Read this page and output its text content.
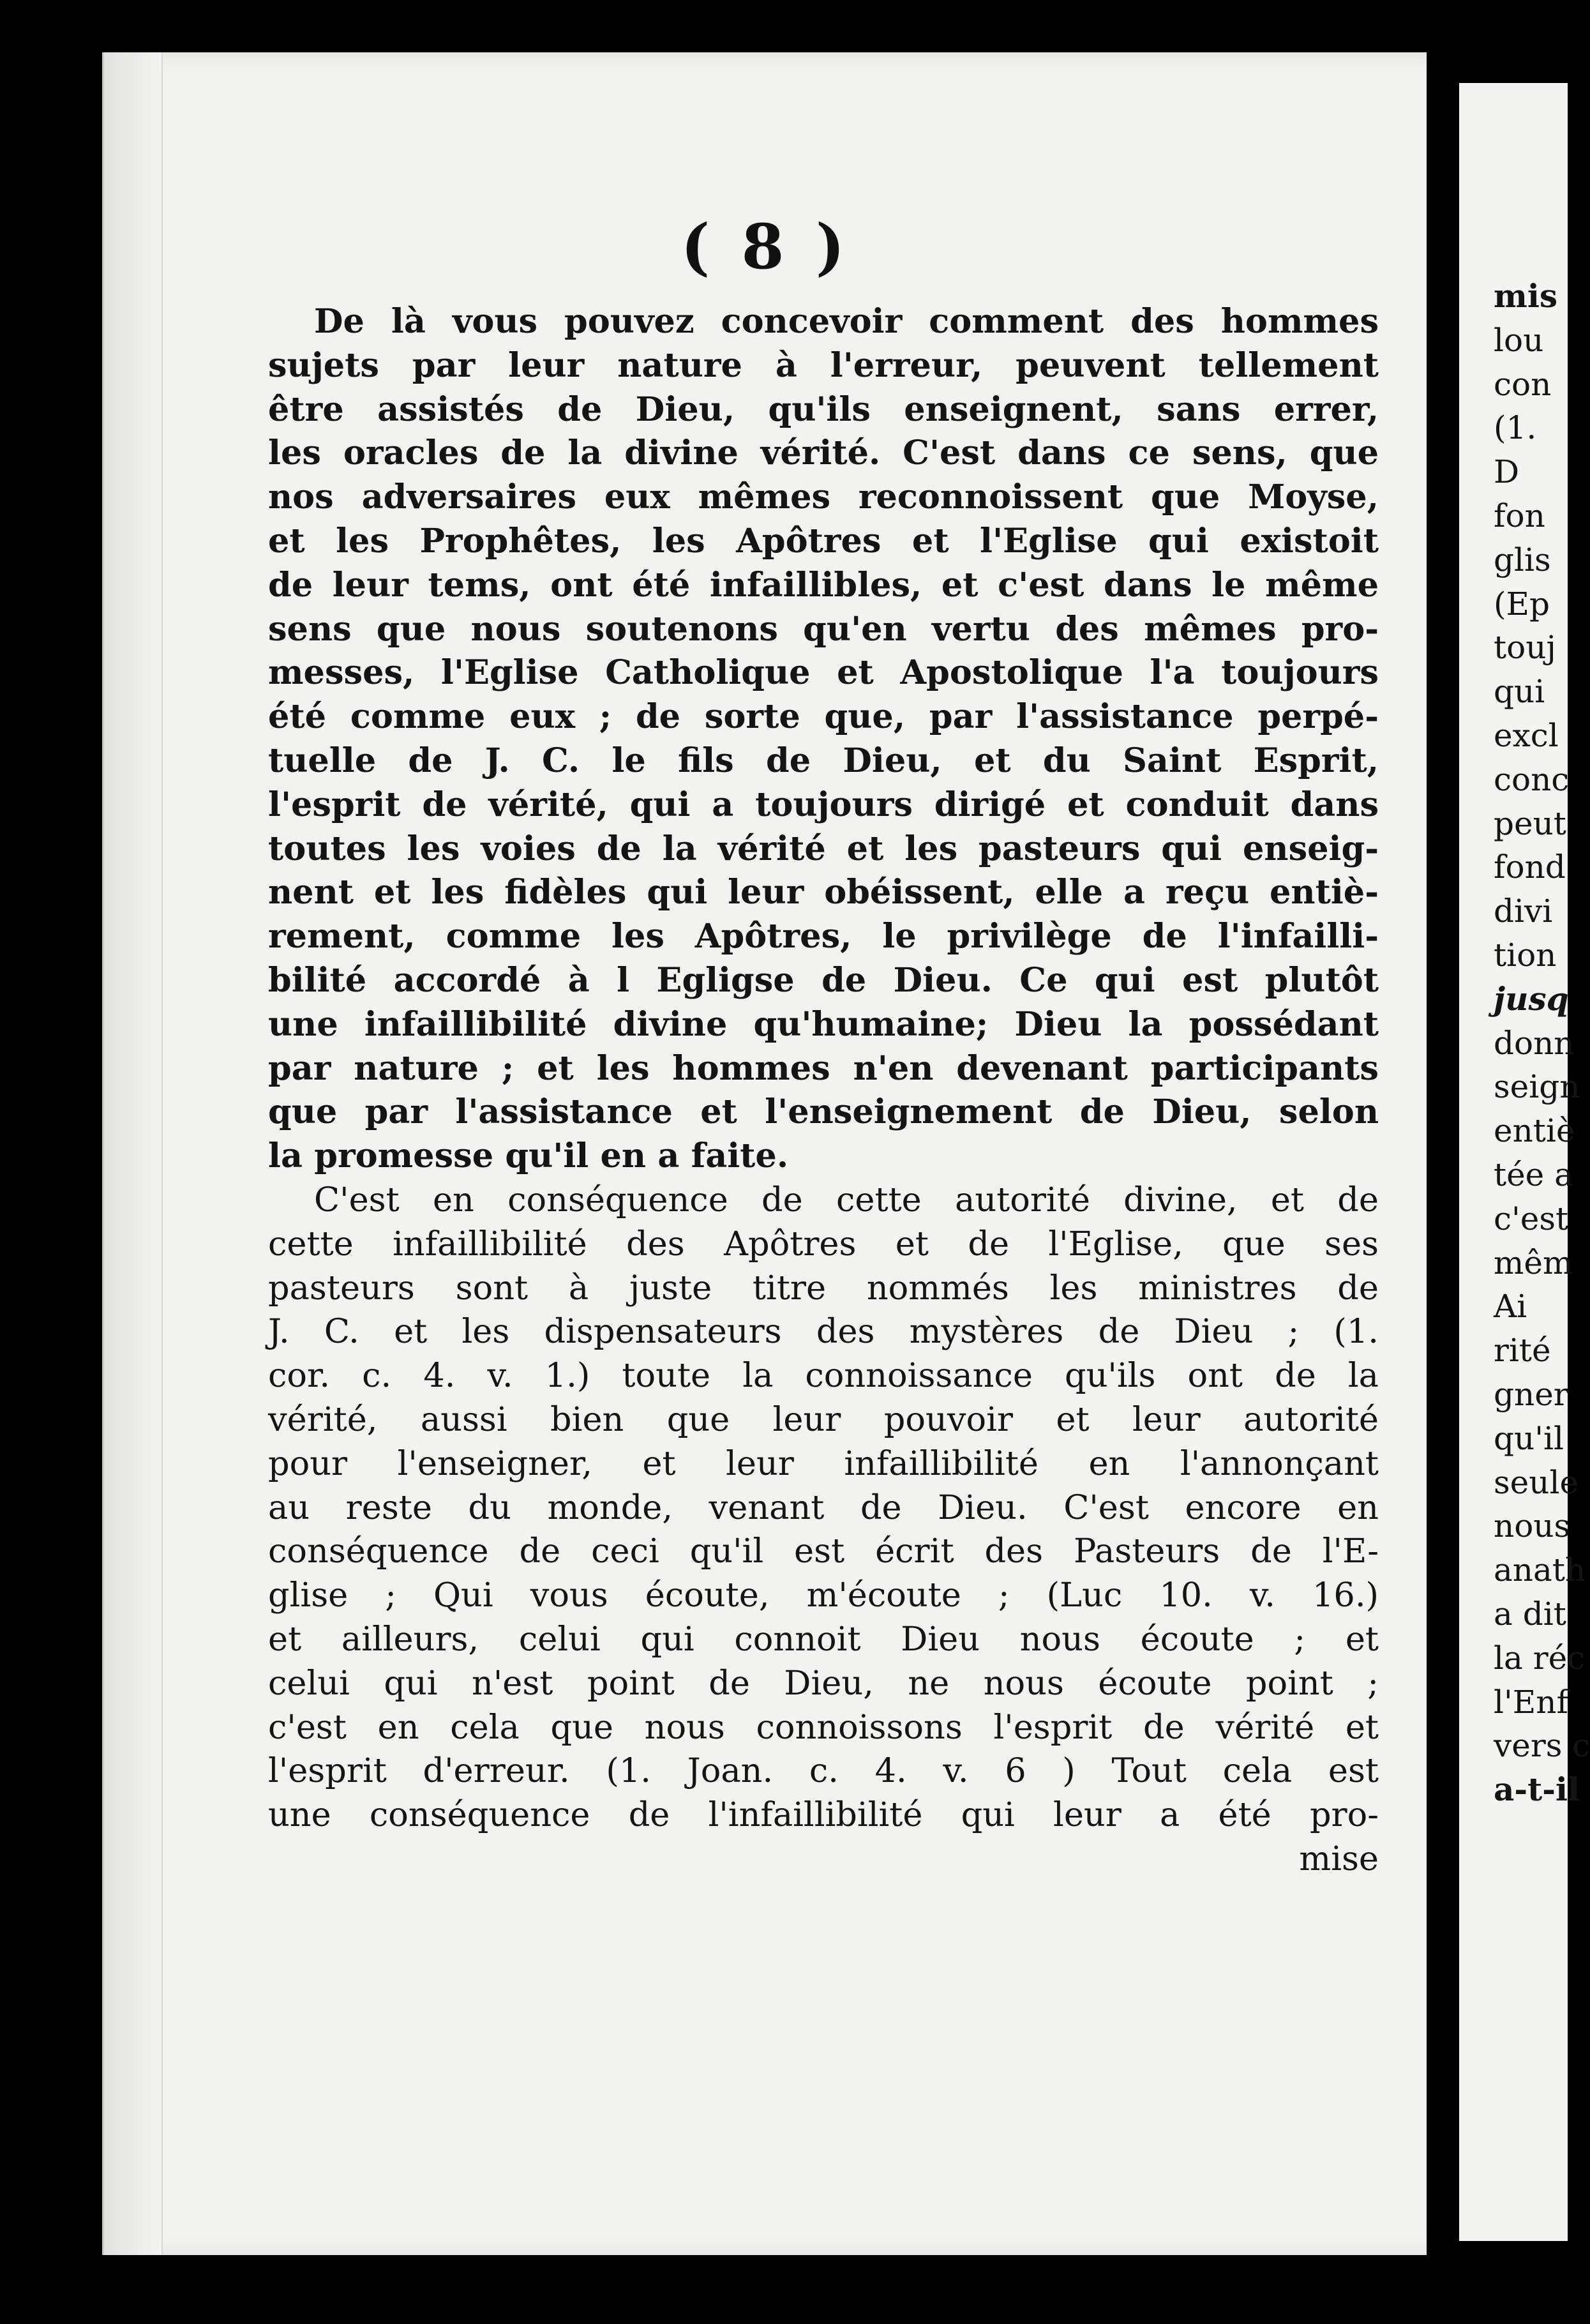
( 8 )
De là vous pouvez concevoir comment des hommes
sujets par leur nature à l'erreur, peuvent tellement
être assistés de Dieu, qu'ils enseignent, sans errer,
les oracles de la divine vérité. C'est dans ce sens, que
nos adversaires eux mêmes reconnoissent que Moyse,
et les Prophêtes, les Apôtres et l'Eglise qui existoit
de leur tems, ont été infaillibles, et c'est dans le même
sens que nous soutenons qu'en vertu des mêmes pro-
messes, l'Eglise Catholique et Apostolique l'a toujours
été comme eux ; de sorte que, par l'assistance perpé-
tuelle de J. C. le fils de Dieu, et du Saint Esprit,
l'esprit de vérité, qui a toujours dirigé et conduit dans
toutes les voies de la vérité et les pasteurs qui enseig-
nent et les fidèles qui leur obéissent, elle a reçu entiè-
rement, comme les Apôtres, le privilège de l'infailli-
bilité accordé à l Egligse de Dieu. Ce qui est plutôt
une infaillibilité divine qu'humaine; Dieu la possédant
par nature ; et les hommes n'en devenant participants
que par l'assistance et l'enseignement de Dieu, selon
la promesse qu'il en a faite.
C'est en conséquence de cette autorité divine, et de
cette infaillibilité des Apôtres et de l'Eglise, que ses
pasteurs sont à juste titre nommés les ministres de
J. C. et les dispensateurs des mystères de Dieu ; (1.
cor. c. 4. v. 1.) toute la connoissance qu'ils ont de la
vérité, aussi bien que leur pouvoir et leur autorité
pour l'enseigner, et leur infaillibilité en l'annonçant
au reste du monde, venant de Dieu. C'est encore en
conséquence de ceci qu'il est écrit des Pasteurs de l'E-
glise ; Qui vous écoute, m'écoute ; (Luc 10. v. 16.)
et ailleurs, celui qui connoit Dieu nous écoute ; et
celui qui n'est point de Dieu, ne nous écoute point ;
c'est en cela que nous connoissons l'esprit de vérité et
l'esprit d'erreur. (1. Joan. c. 4. v. 6 ) Tout cela est
une conséquence de l'infaillibilité qui leur a été pro-
mise
mis
lou
con
(1.
D
fon
glis
(Ep
touj
qui
excl
conc
peut
fond
divi
tion
jusq
donn
seign
entiè
tée a
c'est
mêm
Ai
rité
gner
qu'il
seule
nous
anath
a dit
la réc
l'Enf
vers c
a-t-il
